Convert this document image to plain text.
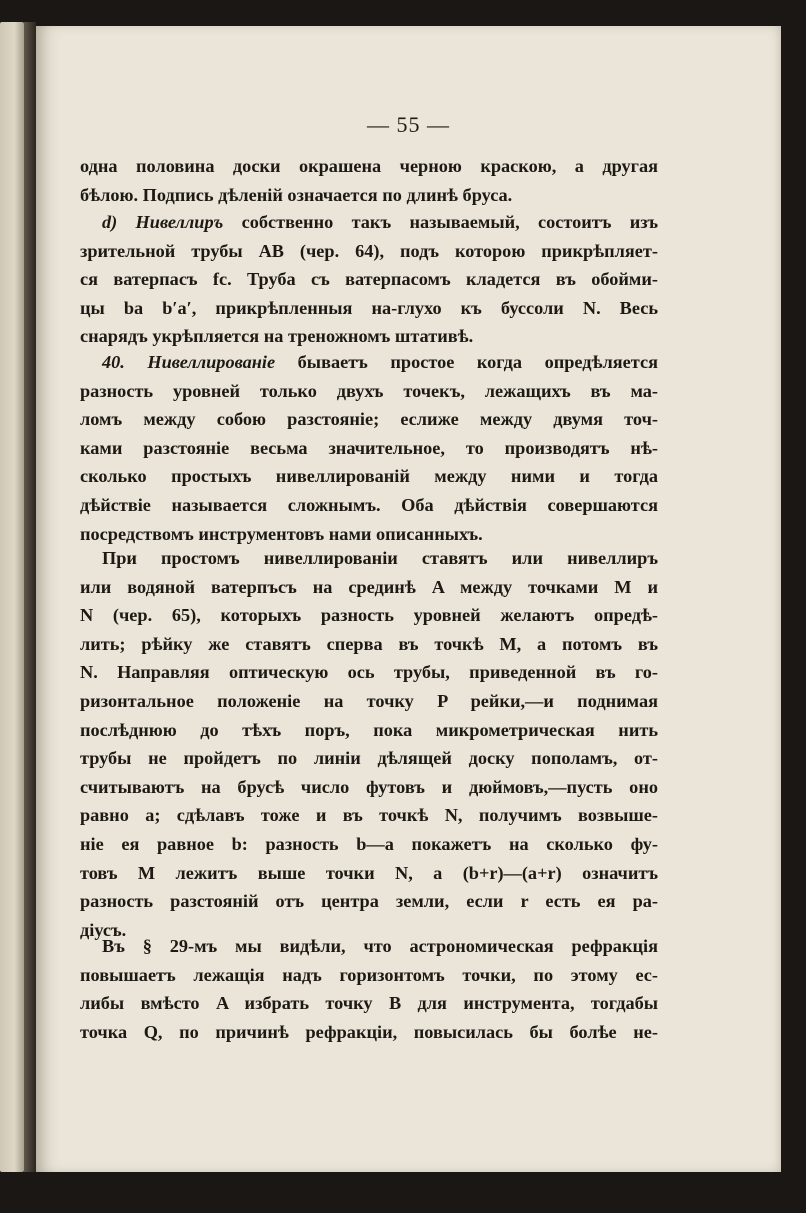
— 55 —
одна половина доски окрашена черною краскою, а другая
бѣлою. Подпись дѣленій означается по длинѣ бруса.
d) Нивеллиръ собственно такъ называемый, состоитъ изъ
зрительной трубы AB (чер. 64), подъ которою прикрѣпляет-
ся ватерпасъ fc. Труба съ ватерпасомъ кладется въ обойми-
цы ba b′a′, прикрѣпленныя на-глухо къ буссоли N. Весь
снарядъ укрѣпляется на треножномъ штативѣ.
40. Нивеллированіе бываетъ простое когда опредѣляется
разность уровней только двухъ точекъ, лежащихъ въ ма-
ломъ между собою разстояніе; еслиже между двумя точ-
ками разстояніе весьма значительное, то производятъ нѣ-
сколько простыхъ нивеллированій между ними и тогда
дѣйствіе называется сложнымъ. Оба дѣйствія совершаются
посредствомъ инструментовъ нами описанныхъ.
При простомъ нивеллированіи ставятъ или нивеллиръ
или водяной ватерпъсъ на срединѣ A между точками M и
N (чер. 65), которыхъ разность уровней желаютъ опредѣ-
лить; рѣйку же ставятъ сперва въ точкѣ M, а потомъ въ
N. Направляя оптическую ось трубы, приведенной въ го-
ризонтальное положеніе на точку P рейки,—и поднимая
послѣднюю до тѣхъ поръ, пока микрометрическая нить
трубы не пройдетъ по линіи дѣлящей доску пополамъ, от-
считываютъ на брусѣ число футовъ и дюймовъ,—пусть оно
равно a; сдѣлавъ тоже и въ точкѣ N, получимъ возвыше-
ніе ея равное b: разность b—a покажетъ на сколько фу-
товъ M лежитъ выше точки N, а (b+r)—(a+r) означитъ
разность разстояній отъ центра земли, если r есть ея ра-
діусъ.
Въ § 29-мъ мы видѣли, что астрономическая рефракція
повышаетъ лежащія надъ горизонтомъ точки, по этому ес-
либы вмѣсто A избрать точку B для инструмента, тогдабы
точка Q, по причинѣ рефракціи, повысилась бы болѣе не-
